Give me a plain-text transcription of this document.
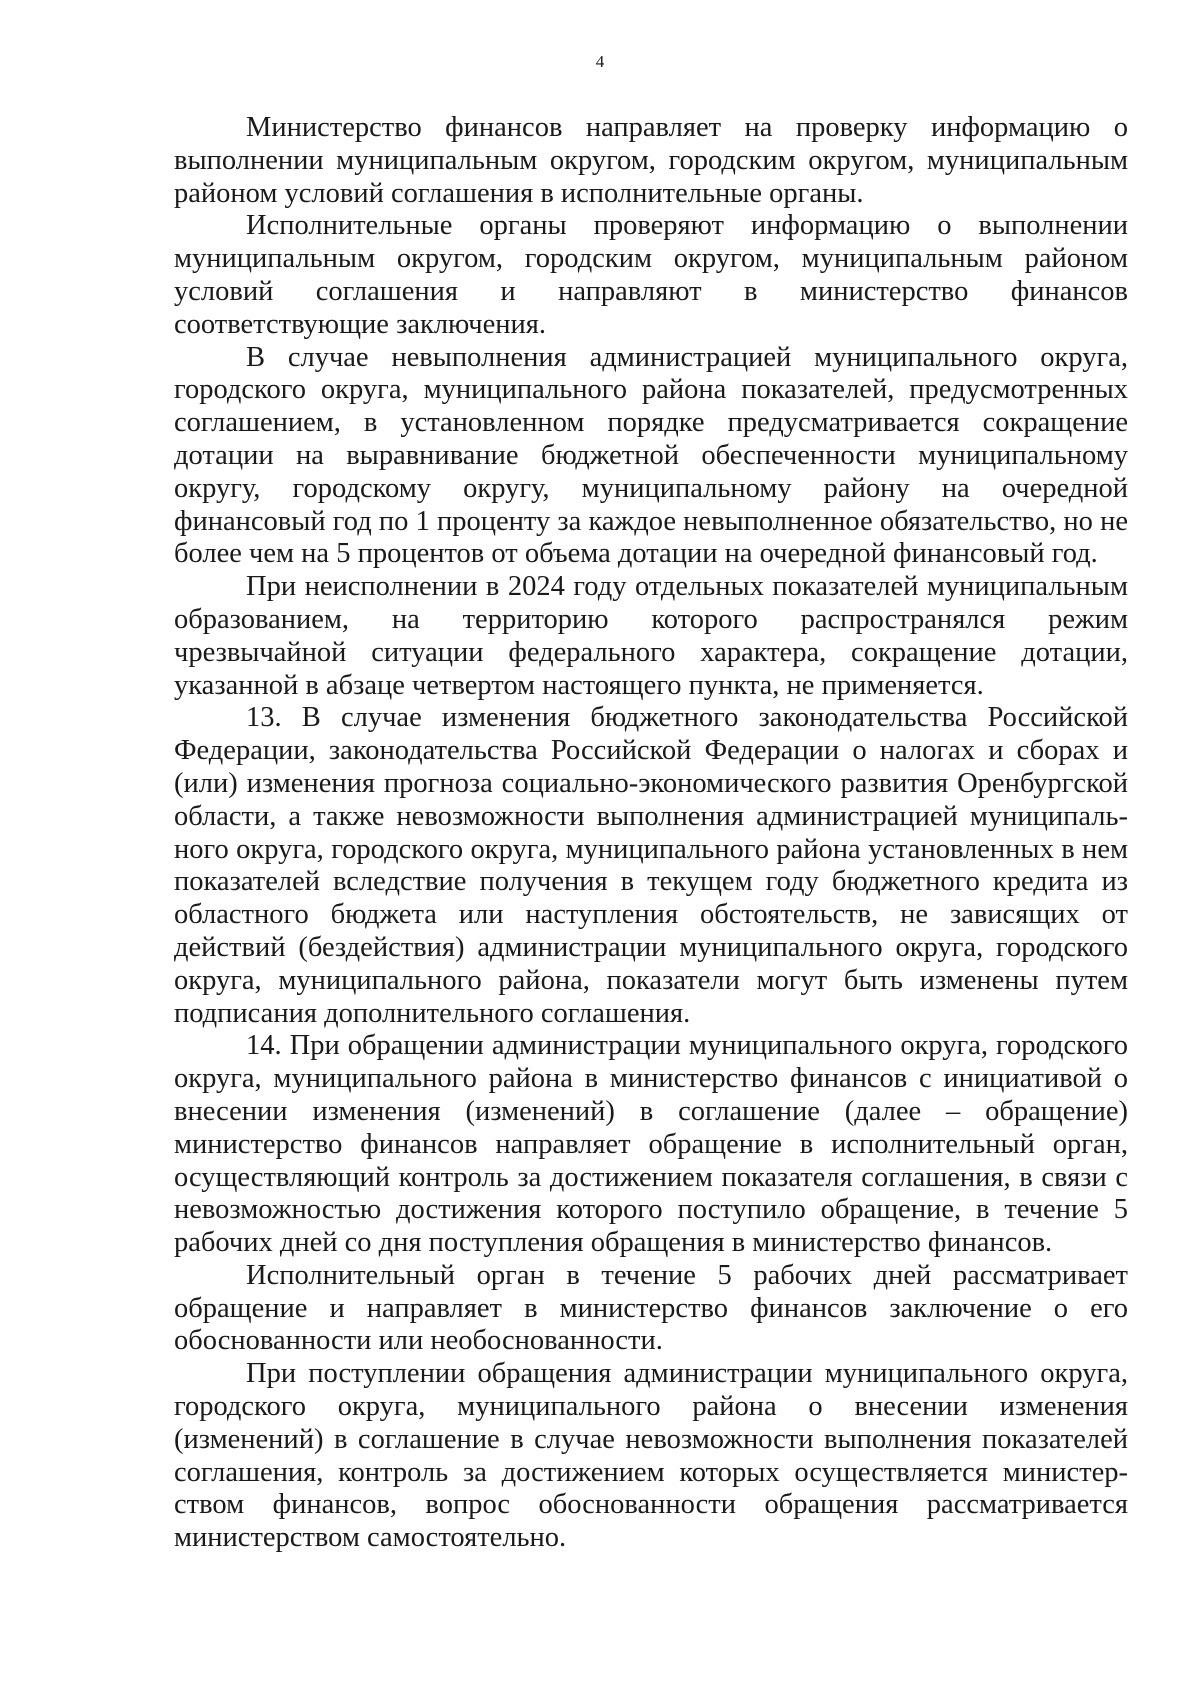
4

Министерство финансов направляет на проверку информацию о выполнении муниципальным округом, городским округом, муниципальным районом условий соглашения в исполнительные органы.

Исполнительные органы проверяют информацию о выполнении муниципальным округом, городским округом, муниципальным районом условий соглашения и направляют в министерство финансов соответствующие заключения.

В случае невыполнения администрацией муниципального округа, городского округа, муниципального района показателей, предусмотренных соглашением, в установленном порядке предусматривается сокращение дотации на выравнивание бюджетной обеспеченности муниципальному округу, городскому округу, муниципальному району на очередной финансовый год по 1 проценту за каждое невыполненное обязательство, но не более чем на 5 процентов от объема дотации на очередной финансовый год.

При неисполнении в 2024 году отдельных показателей муниципальным образованием, на территорию которого распространялся режим чрезвычайной ситуации федерального характера, сокращение дотации, указанной в абзаце четвертом настоящего пункта, не применяется.

13. В случае изменения бюджетного законодательства Российской Федерации, законодательства Российской Федерации о налогах и сборах и (или) изменения прогноза социально-экономического развития Оренбургской области, а также невозможности выполнения администрацией муниципального округа, городского округа, муниципального района установленных в нем показателей вследствие получения в текущем году бюджетного кредита из областного бюджета или наступления обстоятельств, не зависящих от действий (бездействия) администрации муниципального округа, городского округа, муниципального района, показатели могут быть изменены путем подписания дополнительного соглашения.

14. При обращении администрации муниципального округа, городского округа, муниципального района в министерство финансов с инициативой о внесении изменения (изменений) в соглашение (далее – обращение) министерство финансов направляет обращение в исполнительный орган, осуществляющий контроль за достижением показателя соглашения, в связи с невозможностью достижения которого поступило обращение, в течение 5 рабочих дней со дня поступления обращения в министерство финансов.

Исполнительный орган в течение 5 рабочих дней рассматривает обращение и направляет в министерство финансов заключение о его обоснованности или необоснованности.

При поступлении обращения администрации муниципального округа, городского округа, муниципального района о внесении изменения (изменений) в соглашение в случае невозможности выполнения показателей соглашения, контроль за достижением которых осуществляется министерством финансов, вопрос обоснованности обращения рассматривается министерством самостоятельно.
